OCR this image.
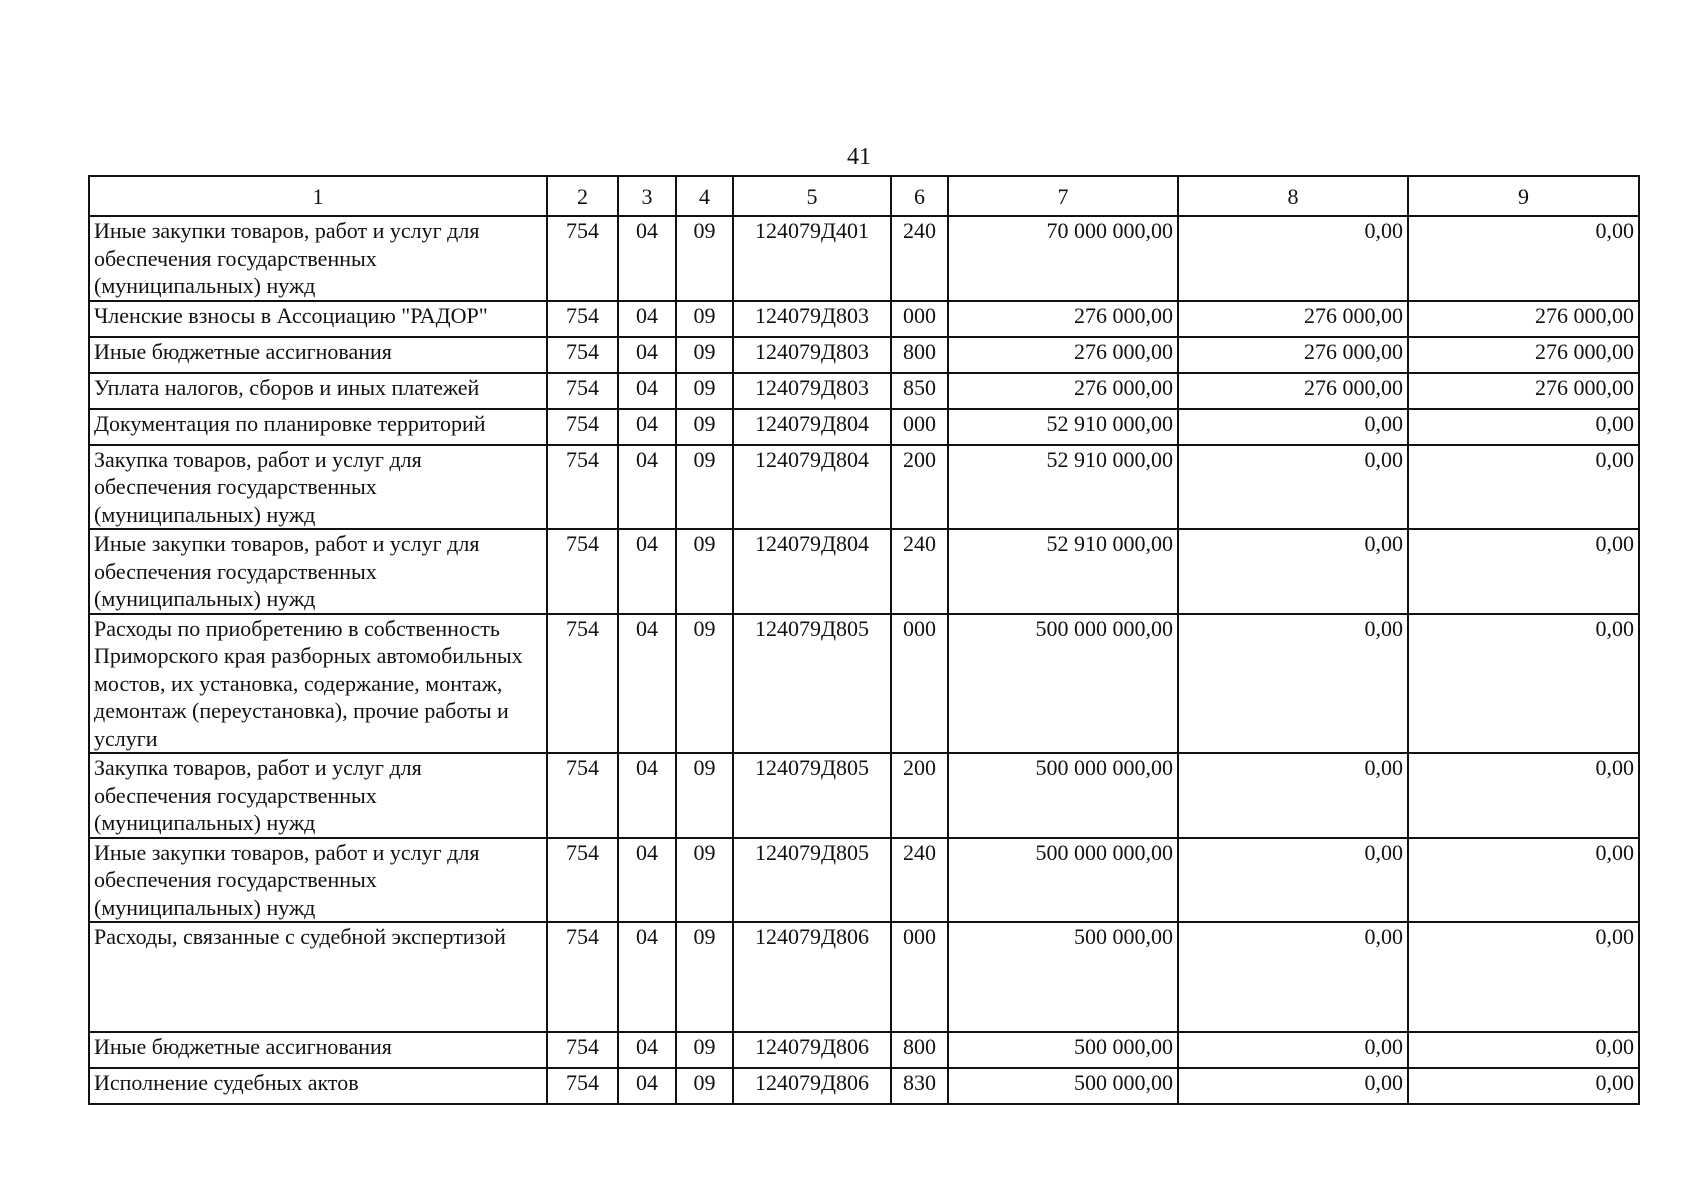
41
1	2	3	4	5	6	7	8	9
Иные закупки товаров, работ и услуг для обеспечения государственных (муниципальных) нужд	754	04	09	124079Д401	240	70 000 000,00	0,00	0,00
Членские взносы в Ассоциацию "РАДОР"	754	04	09	124079Д803	000	276 000,00	276 000,00	276 000,00
Иные бюджетные ассигнования	754	04	09	124079Д803	800	276 000,00	276 000,00	276 000,00
Уплата налогов, сборов и иных платежей	754	04	09	124079Д803	850	276 000,00	276 000,00	276 000,00
Документация по планировке территорий	754	04	09	124079Д804	000	52 910 000,00	0,00	0,00
Закупка товаров, работ и услуг для обеспечения государственных (муниципальных) нужд	754	04	09	124079Д804	200	52 910 000,00	0,00	0,00
Иные закупки товаров, работ и услуг для обеспечения государственных (муниципальных) нужд	754	04	09	124079Д804	240	52 910 000,00	0,00	0,00
Расходы по приобретению в собственность Приморского края разборных автомобильных мостов, их установка, содержание, монтаж, демонтаж (переустановка), прочие работы и услуги	754	04	09	124079Д805	000	500 000 000,00	0,00	0,00
Закупка товаров, работ и услуг для обеспечения государственных (муниципальных) нужд	754	04	09	124079Д805	200	500 000 000,00	0,00	0,00
Иные закупки товаров, работ и услуг для обеспечения государственных (муниципальных) нужд	754	04	09	124079Д805	240	500 000 000,00	0,00	0,00
Расходы, связанные с судебной экспертизой	754	04	09	124079Д806	000	500 000,00	0,00	0,00
Иные бюджетные ассигнования	754	04	09	124079Д806	800	500 000,00	0,00	0,00
Исполнение судебных актов	754	04	09	124079Д806	830	500 000,00	0,00	0,00
